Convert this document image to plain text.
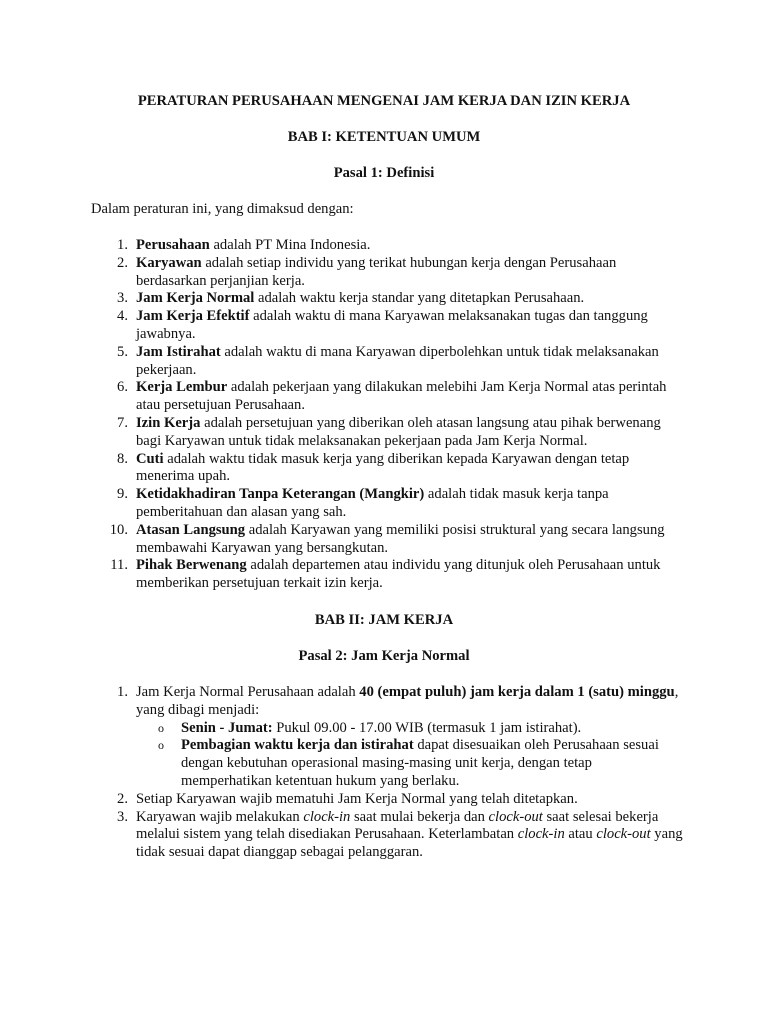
PERATURAN PERUSAHAAN MENGENAI JAM KERJA DAN IZIN KERJA
BAB I: KETENTUAN UMUM
Pasal 1: Definisi
Dalam peraturan ini, yang dimaksud dengan:
1. Perusahaan adalah PT Mina Indonesia.
2. Karyawan adalah setiap individu yang terikat hubungan kerja dengan Perusahaan berdasarkan perjanjian kerja.
3. Jam Kerja Normal adalah waktu kerja standar yang ditetapkan Perusahaan.
4. Jam Kerja Efektif adalah waktu di mana Karyawan melaksanakan tugas dan tanggung jawabnya.
5. Jam Istirahat adalah waktu di mana Karyawan diperbolehkan untuk tidak melaksanakan pekerjaan.
6. Kerja Lembur adalah pekerjaan yang dilakukan melebihi Jam Kerja Normal atas perintah atau persetujuan Perusahaan.
7. Izin Kerja adalah persetujuan yang diberikan oleh atasan langsung atau pihak berwenang bagi Karyawan untuk tidak melaksanakan pekerjaan pada Jam Kerja Normal.
8. Cuti adalah waktu tidak masuk kerja yang diberikan kepada Karyawan dengan tetap menerima upah.
9. Ketidakhadiran Tanpa Keterangan (Mangkir) adalah tidak masuk kerja tanpa pemberitahuan dan alasan yang sah.
10. Atasan Langsung adalah Karyawan yang memiliki posisi struktural yang secara langsung membawahi Karyawan yang bersangkutan.
11. Pihak Berwenang adalah departemen atau individu yang ditunjuk oleh Perusahaan untuk memberikan persetujuan terkait izin kerja.
BAB II: JAM KERJA
Pasal 2: Jam Kerja Normal
1. Jam Kerja Normal Perusahaan adalah 40 (empat puluh) jam kerja dalam 1 (satu) minggu, yang dibagi menjadi:
o Senin - Jumat: Pukul 09.00 - 17.00 WIB (termasuk 1 jam istirahat).
o Pembagian waktu kerja dan istirahat dapat disesuaikan oleh Perusahaan sesuai dengan kebutuhan operasional masing-masing unit kerja, dengan tetap memperhatikan ketentuan hukum yang berlaku.
2. Setiap Karyawan wajib mematuhi Jam Kerja Normal yang telah ditetapkan.
3. Karyawan wajib melakukan clock-in saat mulai bekerja dan clock-out saat selesai bekerja melalui sistem yang telah disediakan Perusahaan. Keterlambatan clock-in atau clock-out yang tidak sesuai dapat dianggap sebagai pelanggaran.
